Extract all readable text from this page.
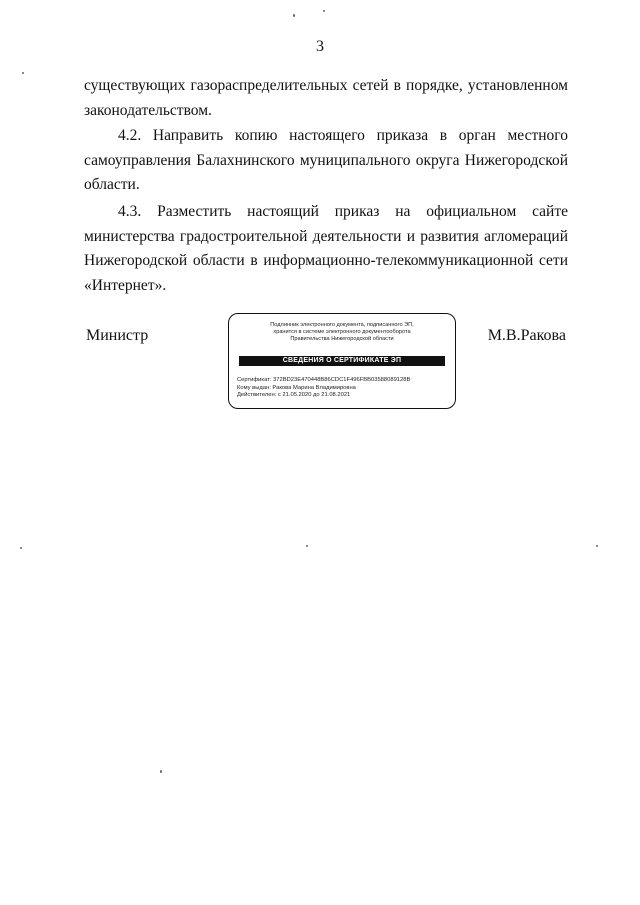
3

существующих газораспределительных сетей в порядке, установленном законодательством.

4.2. Направить копию настоящего приказа в орган местного самоуправления Балахнинского муниципального округа Нижегородской области.

4.3. Разместить настоящий приказ на официальном сайте министерства градостроительной деятельности и развития агломераций Нижегородской области в информационно-телекоммуникационной сети «Интернет».

Министр	М.В.Ракова
Подлинник электронного документа, подписанного ЭП,
хранится в системе электронного документооборота
Правительства Нижегородской области
СВЕДЕНИЯ О СЕРТИФИКАТЕ ЭП
Сертификат: 372BD23E470448B86CDC1F496FBB03588089128B
Кому выдан: Ракова Марина Владимировна
Действителен: с 21.05.2020 до 21.08.2021
